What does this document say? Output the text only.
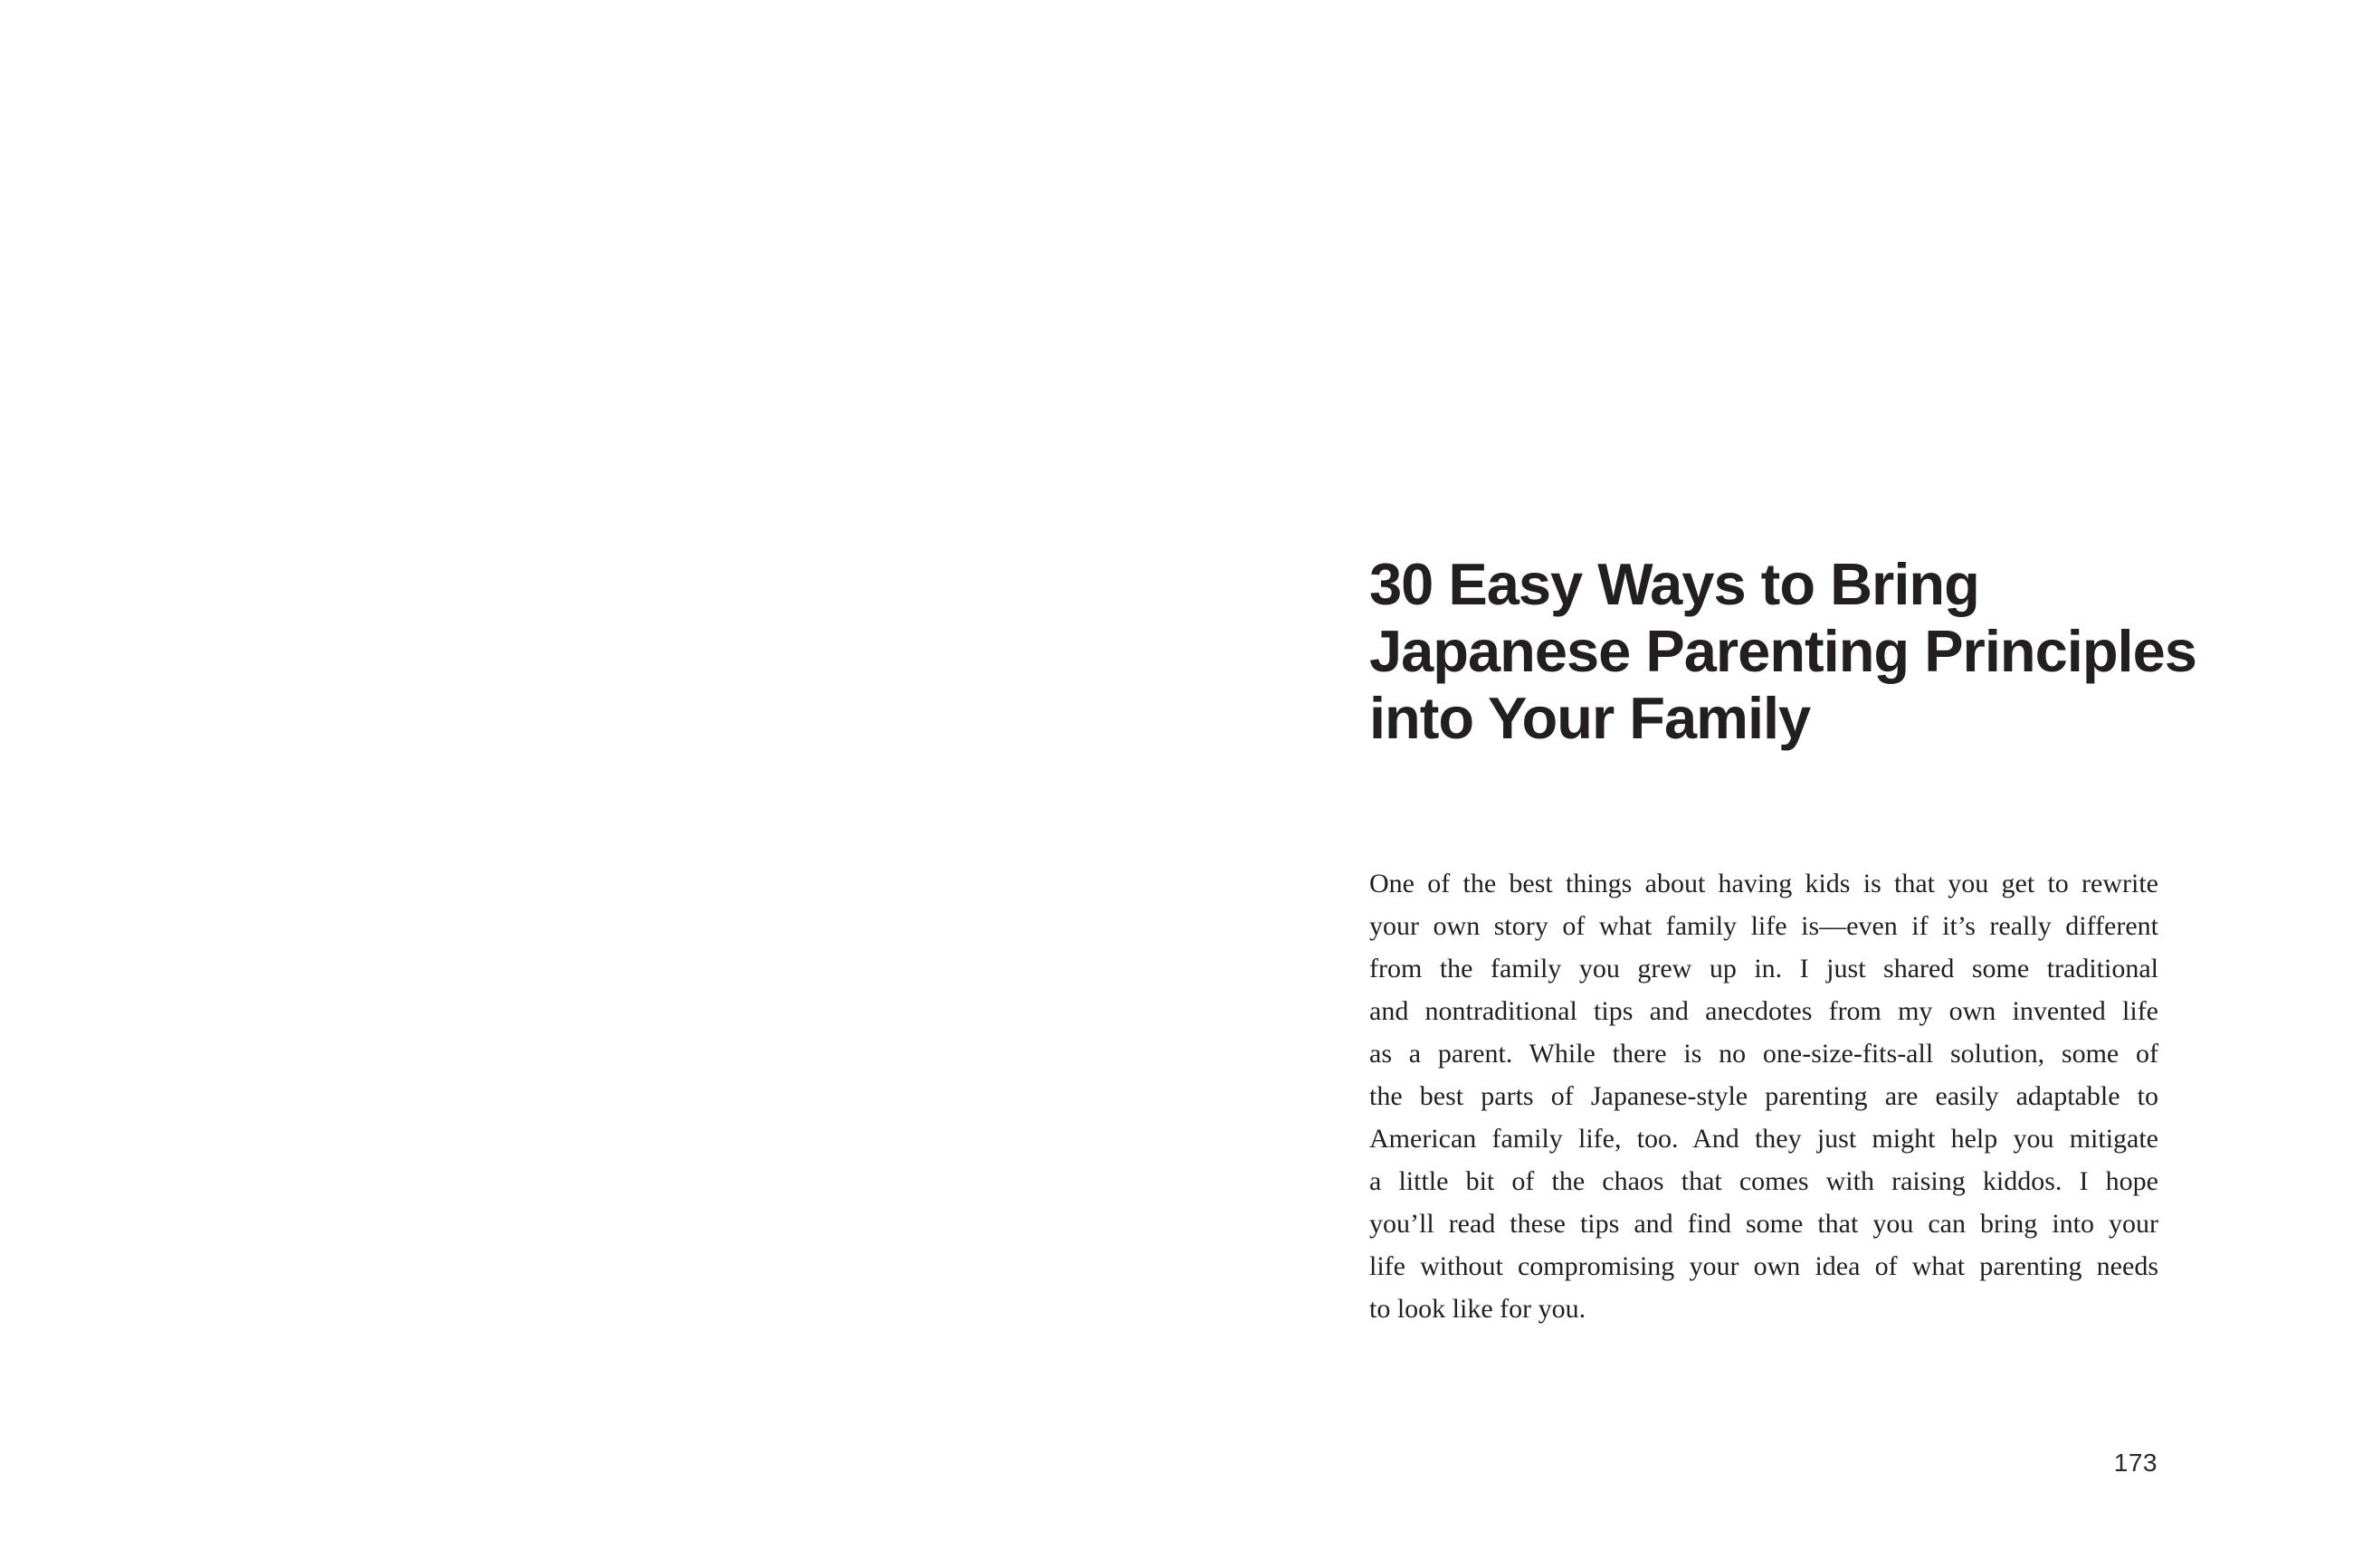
30 Easy Ways to Bring
Japanese Parenting Principles
into Your Family
One of the best things about having kids is that you get to rewrite
your own story of what family life is—even if it’s really different
from the family you grew up in. I just shared some traditional
and nontraditional tips and anecdotes from my own invented life
as a parent. While there is no one-size-fits-all solution, some of
the best parts of Japanese-style parenting are easily adaptable to
American family life, too. And they just might help you mitigate
a little bit of the chaos that comes with raising kiddos. I hope
you’ll read these tips and find some that you can bring into your
life without compromising your own idea of what parenting needs
to look like for you.
173
